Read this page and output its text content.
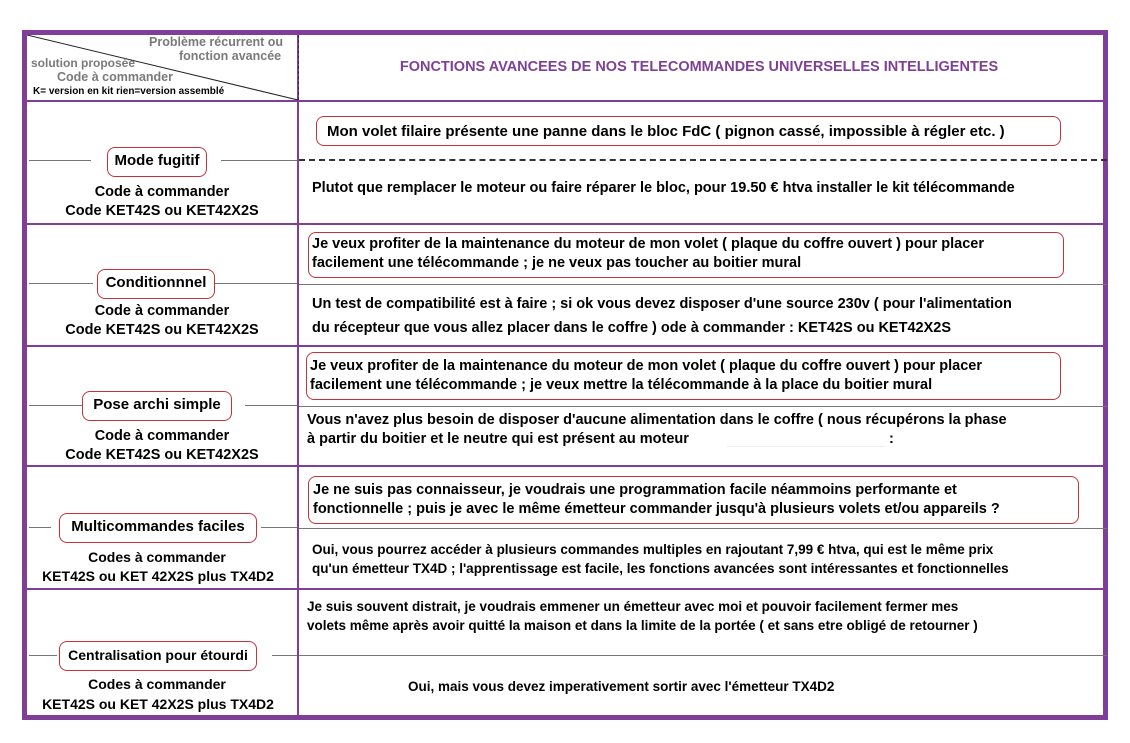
Problème récurrent ou
fonction avancée
solution proposée
Code à commander
K= version en kit rien=version assemblé
FONCTIONS AVANCEES DE NOS TELECOMMANDES UNIVERSELLES INTELLIGENTES
Mode fugitif
Code à commander
Code KET42S ou KET42X2S
Mon volet filaire présente une panne dans le bloc FdC ( pignon cassé, impossible à régler etc. )
Plutot que remplacer le moteur ou faire réparer le bloc, pour 19.50 € htva installer le kit télécommande
Conditionnnel
Code à commander
Code KET42S ou KET42X2S
Je veux profiter de la maintenance du moteur de mon volet ( plaque du coffre ouvert ) pour placer
facilement une télécommande ; je ne veux pas toucher au boitier mural
Un test de compatibilité est à faire ; si ok vous devez disposer d'une source 230v ( pour l'alimentation
du récepteur que vous allez placer dans le coffre ) ode à commander : KET42S ou KET42X2S
Pose archi simple
Code à commander
Code KET42S ou KET42X2S
Je veux profiter de la maintenance du moteur de mon volet ( plaque du coffre ouvert ) pour placer
facilement une télécommande ; je veux mettre la télécommande à la place du boitier mural
Vous n'avez plus besoin de disposer d'aucune alimentation dans le coffre ( nous récupérons la phase
à partir du boitier et le neutre qui est présent au moteur	:
Multicommandes faciles
Codes à commander
KET42S ou KET 42X2S plus TX4D2
Je ne suis pas connaisseur, je voudrais une programmation facile néammoins performante et
fonctionnelle ; puis je avec le même émetteur commander jusqu'à plusieurs volets et/ou appareils ?
Oui, vous pourrez accéder à plusieurs commandes multiples en rajoutant 7,99 € htva, qui est le même prix
qu'un émetteur TX4D ; l'apprentissage est facile, les fonctions avancées sont intéressantes et fonctionnelles
Centralisation pour étourdi
Codes à commander
KET42S ou KET 42X2S plus TX4D2
Je suis souvent distrait, je voudrais emmener un émetteur avec moi et pouvoir facilement fermer mes
volets même après avoir quitté la maison et dans la limite de la portée ( et sans etre obligé de retourner )
Oui, mais vous devez imperativement sortir avec l'émetteur TX4D2
